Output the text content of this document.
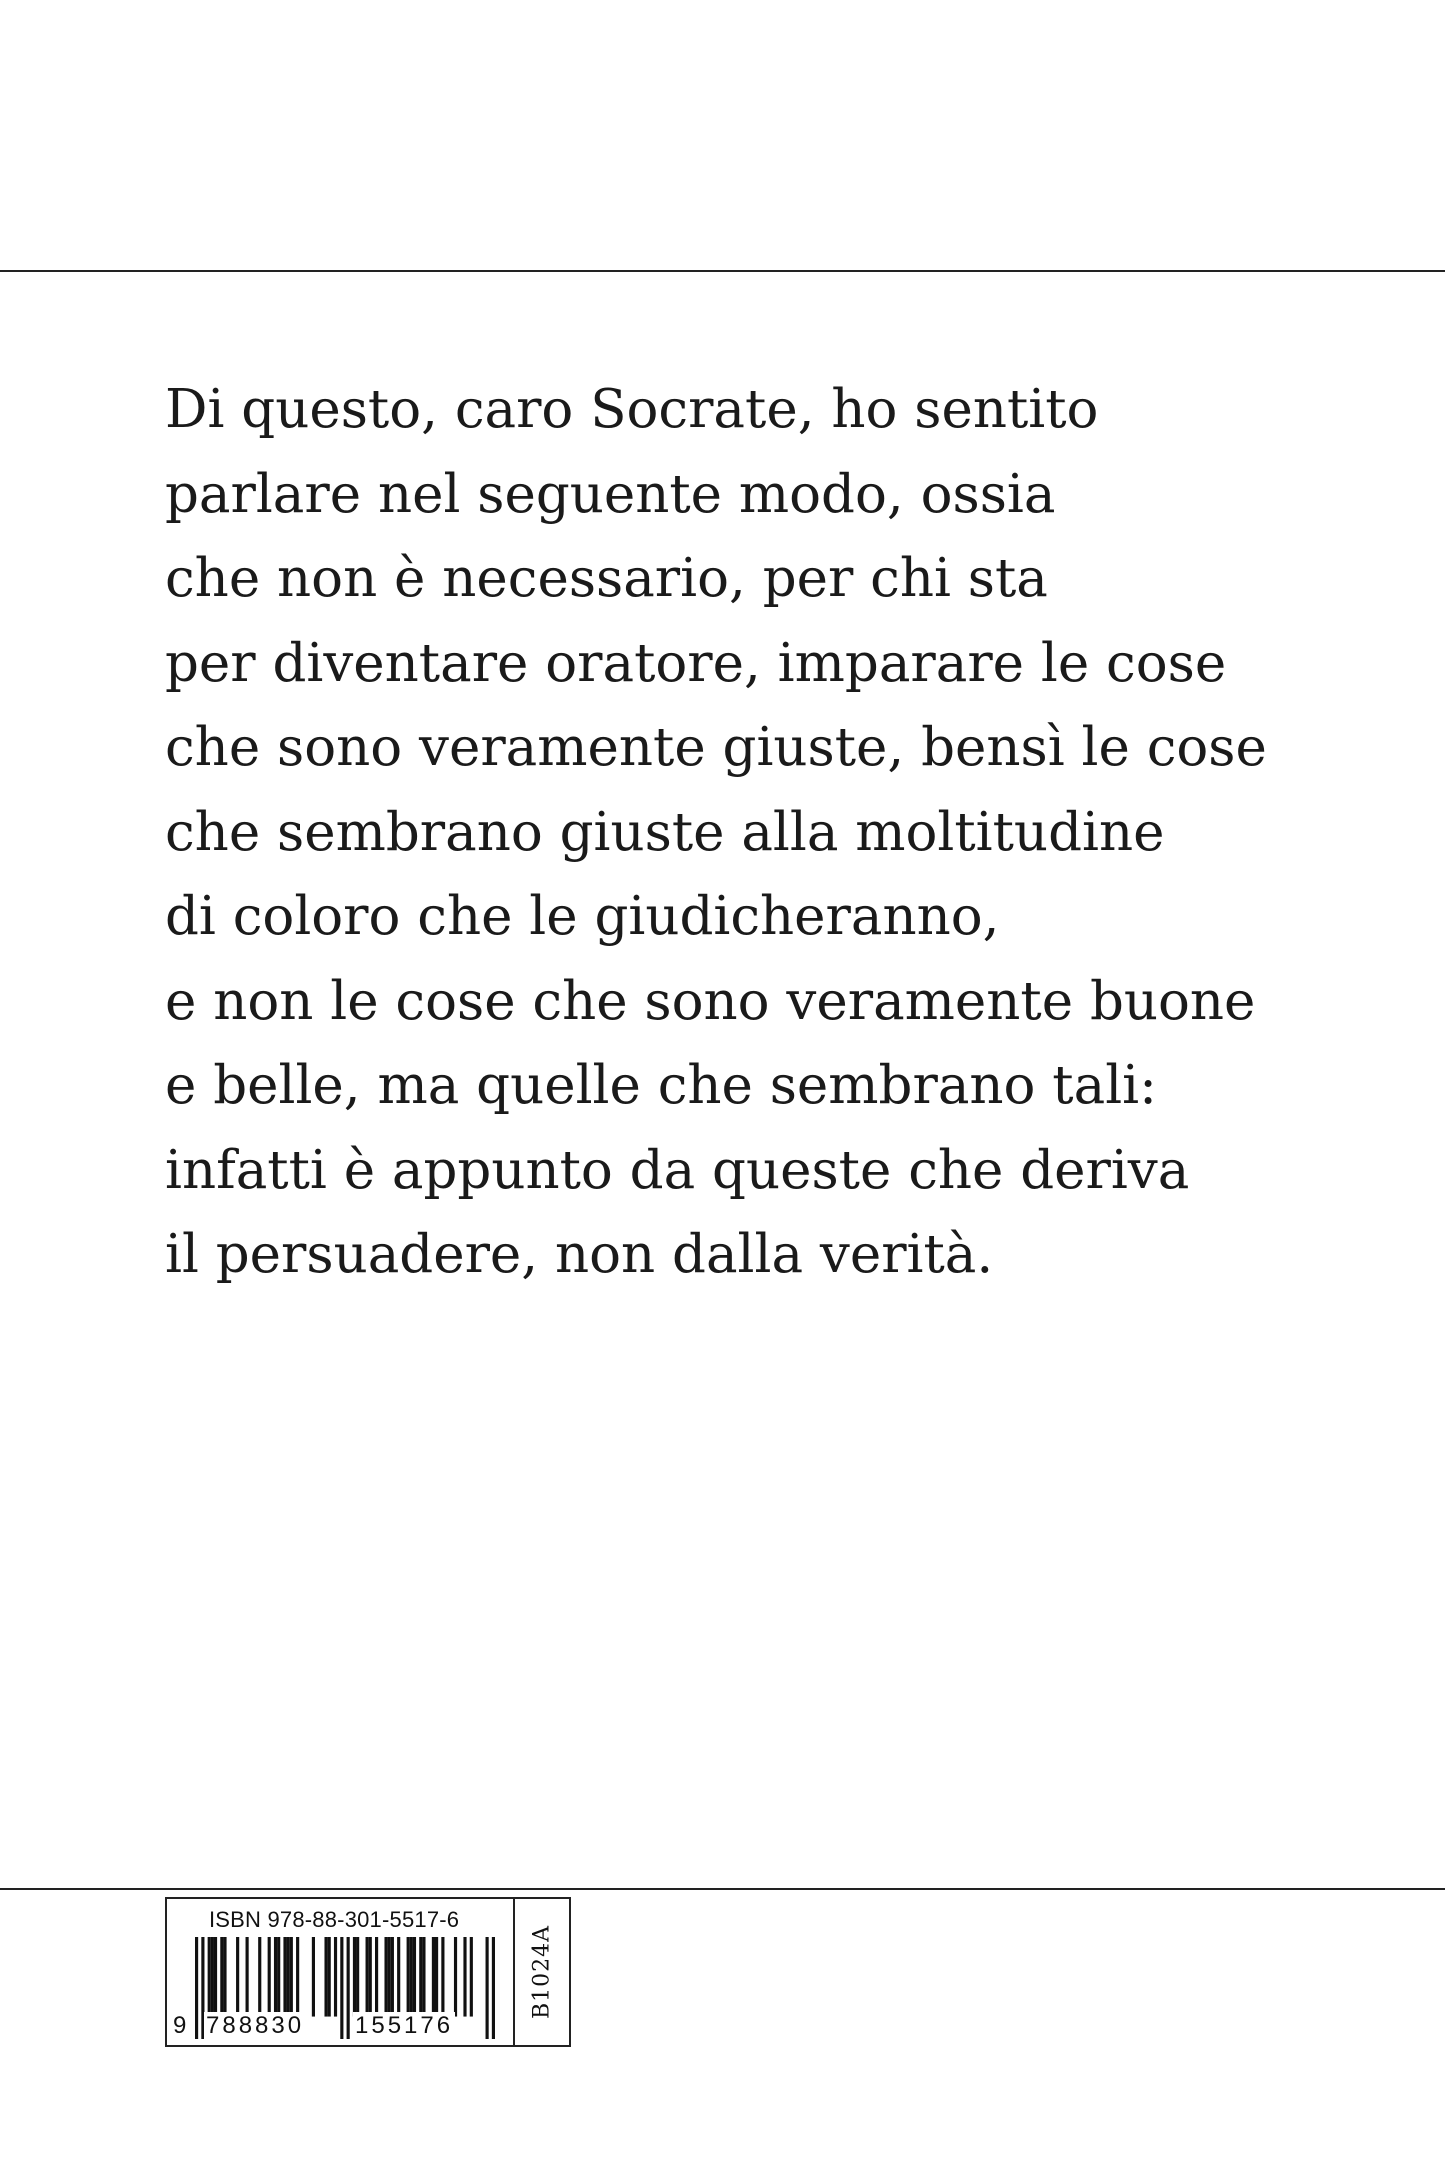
Di questo, caro Socrate, ho sentito
parlare nel seguente modo, ossia
che non è necessario, per chi sta
per diventare oratore, imparare le cose
che sono veramente giuste, bensì le cose
che sembrano giuste alla moltitudine
di coloro che le giudicheranno,
e non le cose che sono veramente buone
e belle, ma quelle che sembrano tali:
infatti è appunto da queste che deriva
il persuadere, non dalla verità.
ISBN 978-88-301-5517-6
9 788830 155176
B1024A
